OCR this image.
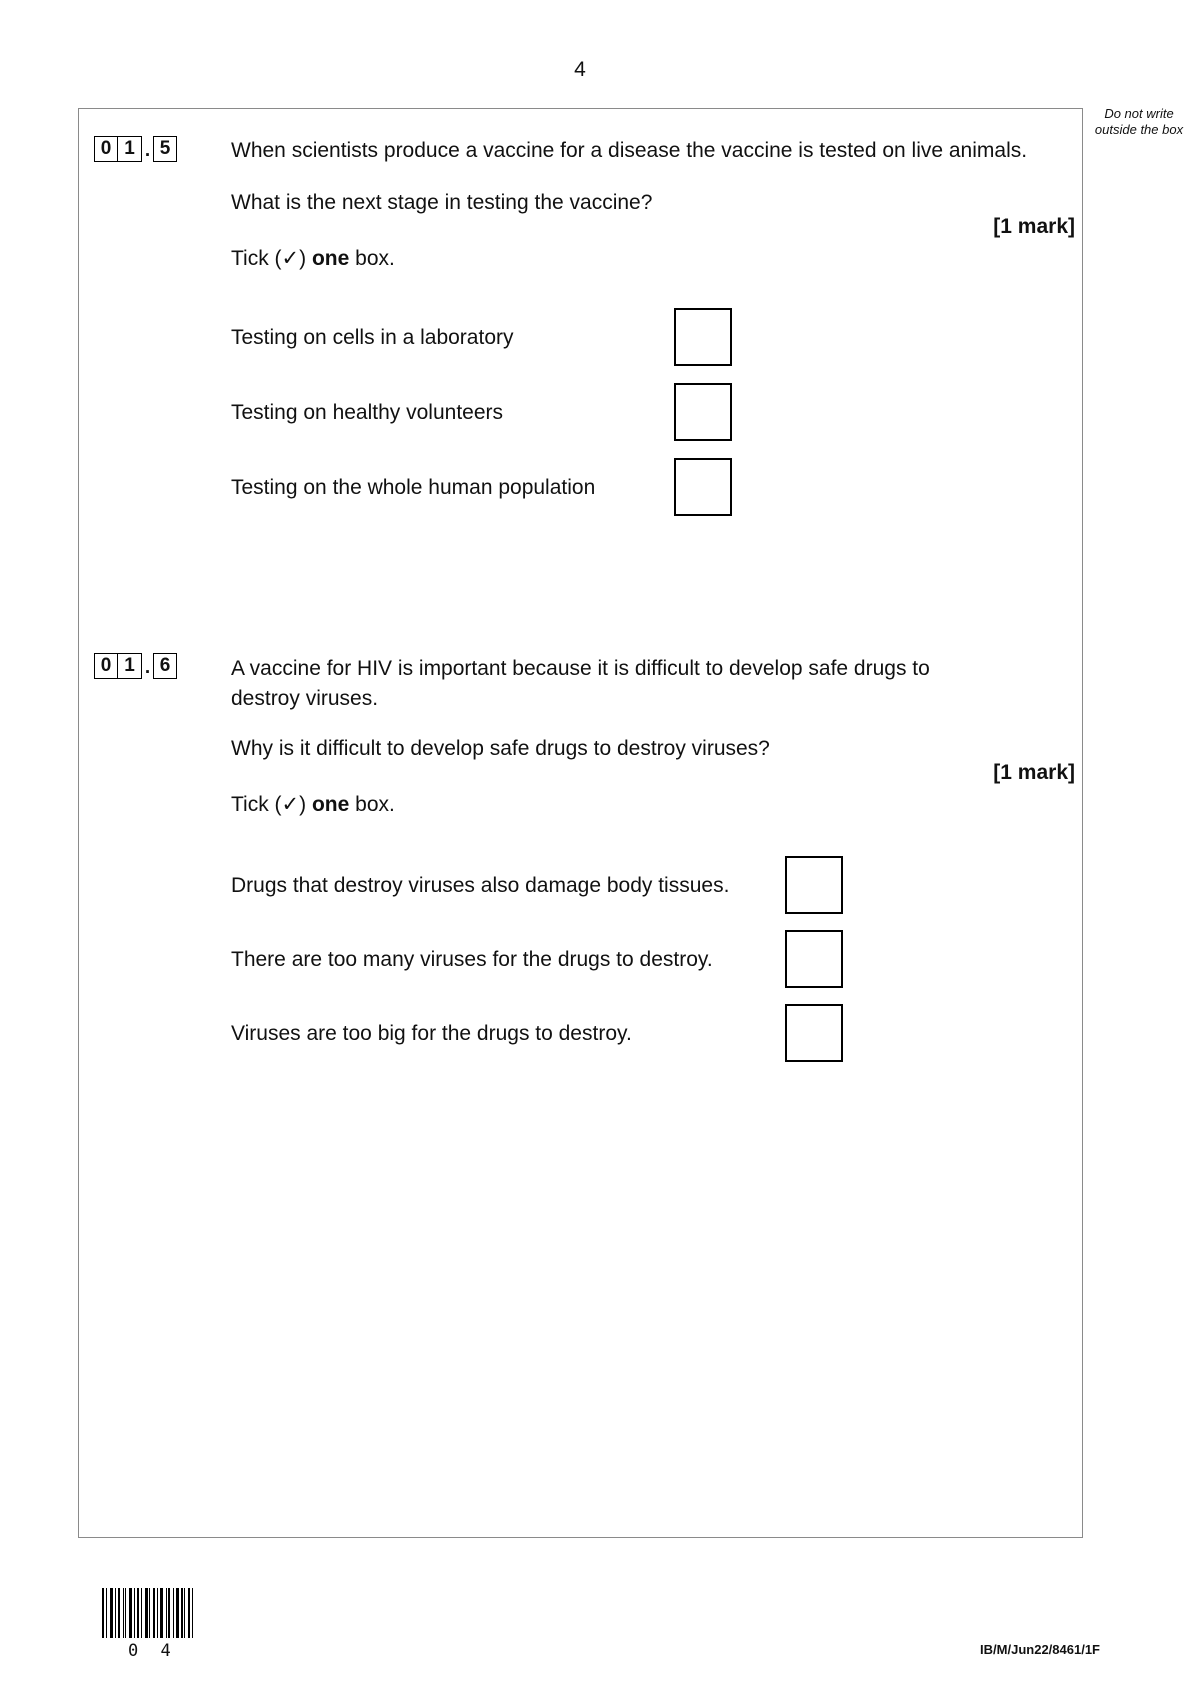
4
Do not write outside the box
0 1 . 5	When scientists produce a vaccine for a disease the vaccine is tested on live animals.
What is the next stage in testing the vaccine?
[1 mark]
Tick (✓) one box.
Testing on cells in a laboratory
Testing on healthy volunteers
Testing on the whole human population
0 1 . 6	A vaccine for HIV is important because it is difficult to develop safe drugs to
destroy viruses.
Why is it difficult to develop safe drugs to destroy viruses?
[1 mark]
Tick (✓) one box.
Drugs that destroy viruses also damage body tissues.
There are too many viruses for the drugs to destroy.
Viruses are too big for the drugs to destroy.
0 4	IB/M/Jun22/8461/1F
